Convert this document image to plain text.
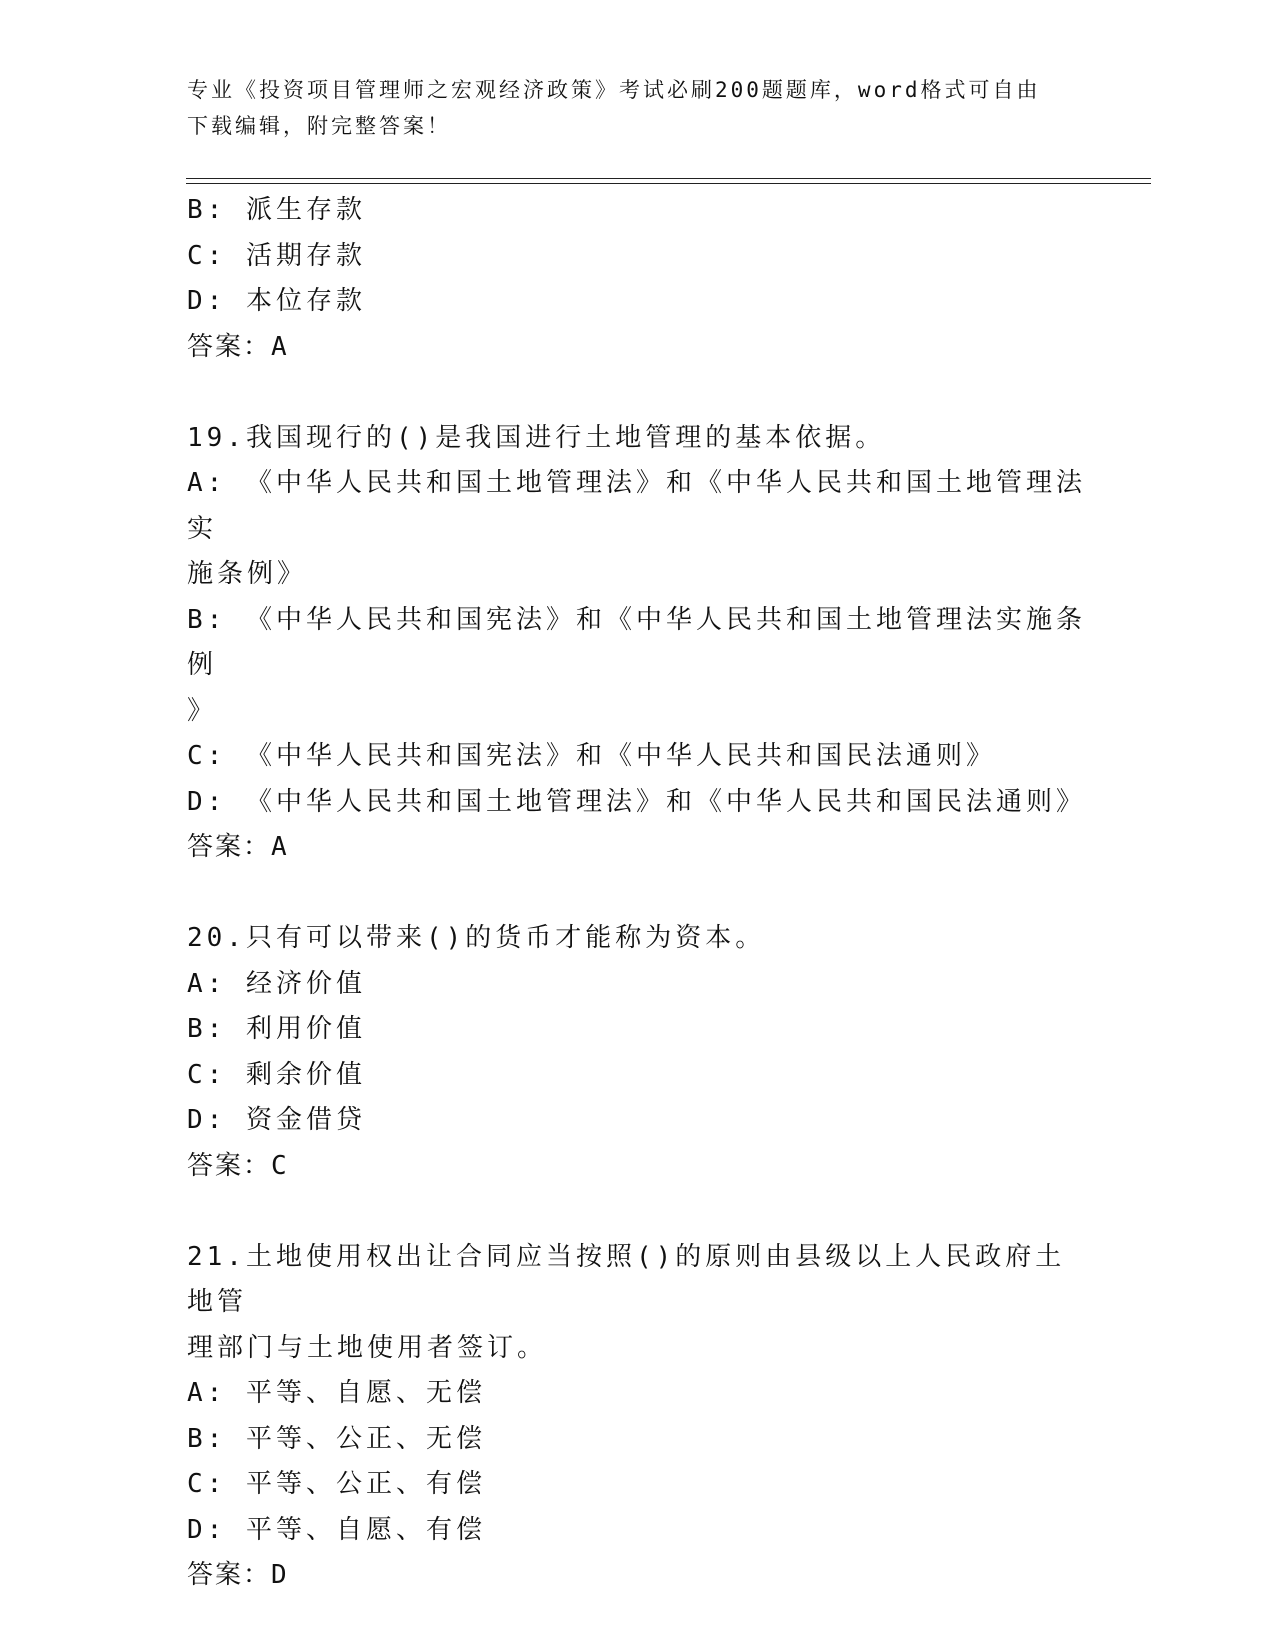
专业《投资项目管理师之宏观经济政策》考试必刷200题题库，word格式可自由
下载编辑，附完整答案！
B: 派生存款
C: 活期存款
D: 本位存款
答案：A
19.我国现行的()是我国进行土地管理的基本依据。
A: 《中华人民共和国土地管理法》和《中华人民共和国土地管理法实
施条例》
B: 《中华人民共和国宪法》和《中华人民共和国土地管理法实施条例
》
C: 《中华人民共和国宪法》和《中华人民共和国民法通则》
D: 《中华人民共和国土地管理法》和《中华人民共和国民法通则》
答案：A
20.只有可以带来()的货币才能称为资本。
A: 经济价值
B: 利用价值
C: 剩余价值
D: 资金借贷
答案：C
21.土地使用权出让合同应当按照()的原则由县级以上人民政府土地管
理部门与土地使用者签订。
A: 平等、自愿、无偿
B: 平等、公正、无偿
C: 平等、公正、有偿
D: 平等、自愿、有偿
答案：D
